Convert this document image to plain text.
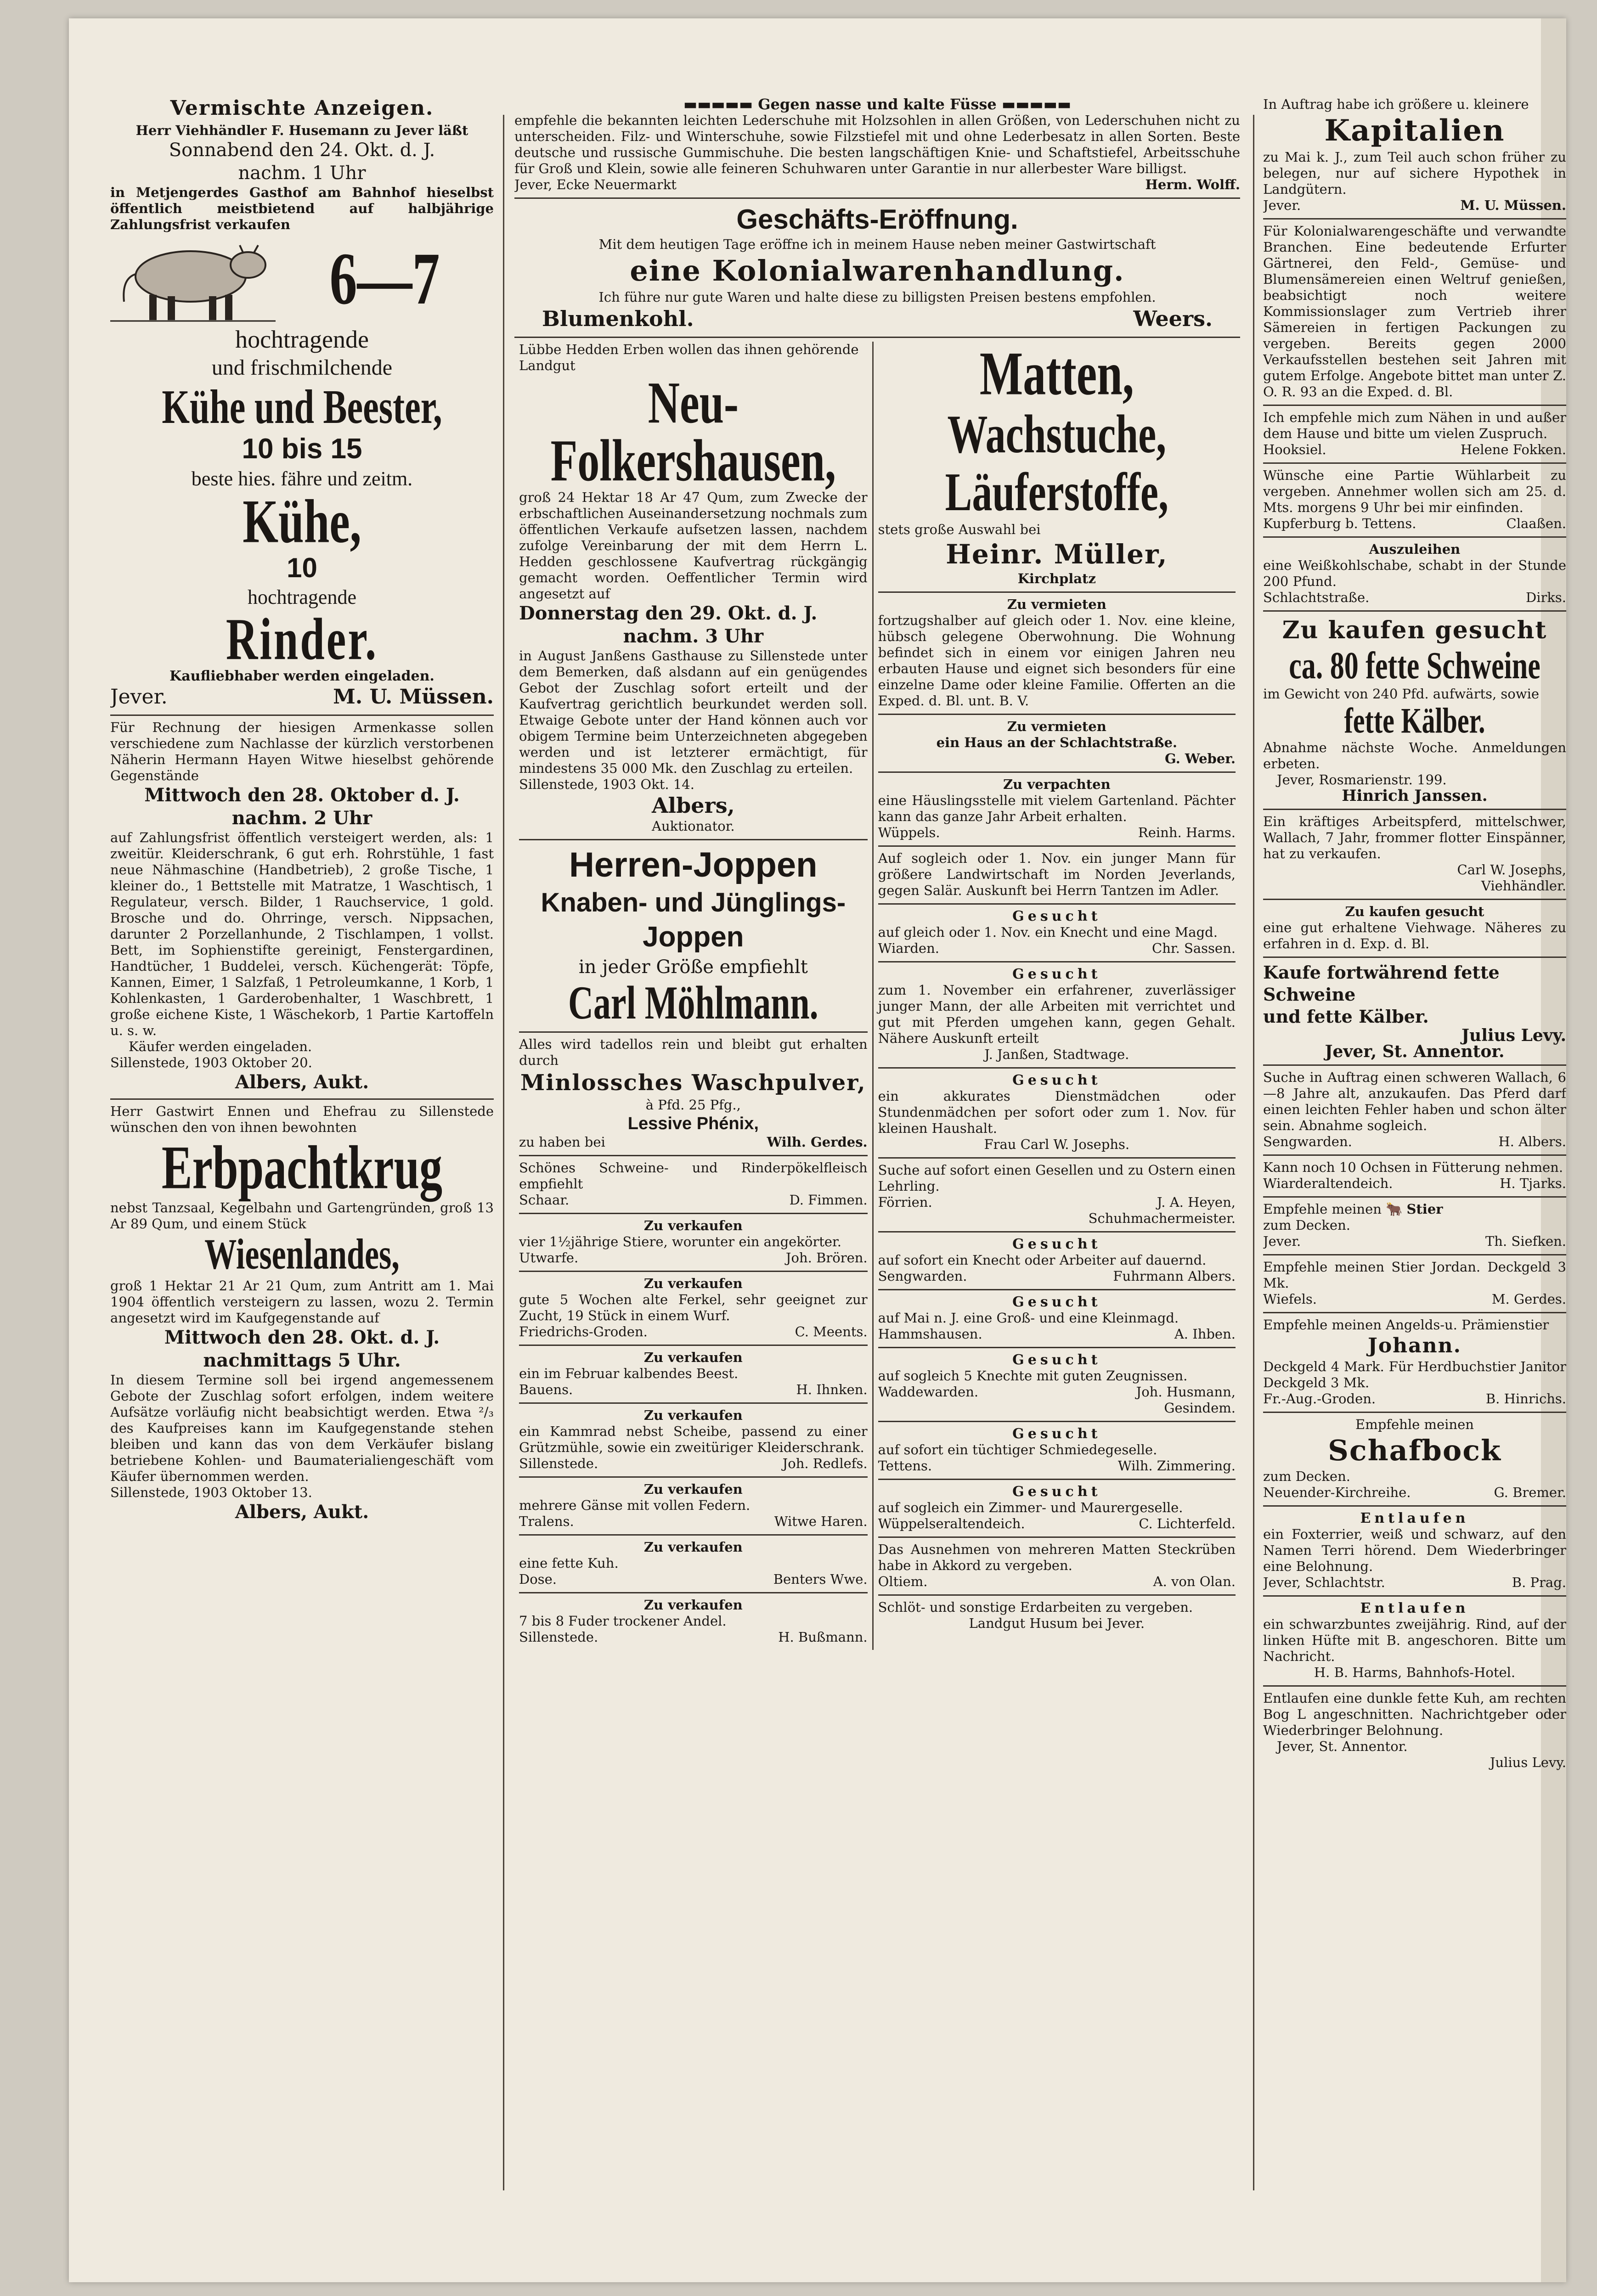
Vermischte Anzeigen.

Herr Viehhändler F. Husemann zu Jever läßt

Sonnabend den 24. Okt. d. J.

nachm. 1 Uhr

in Metjengerdes Gasthof am Bahnhof hieselbst öffentlich meistbietend auf halbjährige Zahlungsfrist verkaufen

6—7

hochtragende

und frischmilchende

Kühe und Beester,

10 bis 15

beste hies. fähre und zeitm.

Kühe,

10

hochtragende

Rinder.

Kaufliebhaber werden eingeladen.

Jever.	M. U. Müssen.

Für Rechnung der hiesigen Armenkasse sollen verschiedene zum Nachlasse der kürzlich verstorbenen Näherin Hermann Hayen Witwe hieselbst gehörende Gegenstände

Mittwoch den 28. Oktober d. J.

nachm. 2 Uhr

auf Zahlungsfrist öffentlich versteigert werden, als: 1 zweitür. Kleiderschrank, 6 gut erh. Rohrstühle, 1 fast neue Nähmaschine (Handbetrieb), 2 große Tische, 1 kleiner do., 1 Bettstelle mit Matratze, 1 Waschtisch, 1 Regulateur, versch. Bilder, 1 Rauchservice, 1 gold. Brosche und do. Ohrringe, versch. Nippsachen, darunter 2 Porzellanhunde, 2 Tischlampen, 1 vollst. Bett, im Sophienstifte gereinigt, Fenstergardinen, Handtücher, 1 Buddelei, versch. Küchengerät: Töpfe, Kannen, Eimer, 1 Salzfaß, 1 Petroleumkanne, 1 Korb, 1 Kohlenkasten, 1 Garderobenhalter, 1 Waschbrett, 1 große eichene Kiste, 1 Wäschekorb, 1 Partie Kartoffeln u. s. w.

Käufer werden eingeladen.

Sillenstede, 1903 Oktober 20.

Albers, Aukt.

Herr Gastwirt Ennen und Ehefrau zu Sillenstede wünschen den von ihnen bewohnten

Erbpachtkrug

nebst Tanzsaal, Kegelbahn und Gartengründen, groß 13 Ar 89 Qum, und einem Stück

Wiesenlandes,

groß 1 Hektar 21 Ar 21 Qum, zum Antritt am 1. Mai 1904 öffentlich versteigern zu lassen, wozu 2. Termin angesetzt wird im Kaufgegenstande auf

Mittwoch den 28. Okt. d. J.

nachmittags 5 Uhr.

In diesem Termine soll bei irgend angemessenem Gebote der Zuschlag sofort erfolgen, indem weitere Aufsätze vorläufig nicht beabsichtigt werden. Etwa ²/₃ des Kaufpreises kann im Kaufgegenstande stehen bleiben und kann das von dem Verkäufer bislang betriebene Kohlen- und Baumaterialiengeschäft vom Käufer übernommen werden.

Sillenstede, 1903 Oktober 13.

Albers, Aukt.

▬▬▬▬▬ Gegen nasse und kalte Füsse ▬▬▬▬▬

empfehle die bekannten leichten Lederschuhe mit Holzsohlen in allen Größen, von Lederschuhen nicht zu unterscheiden. Filz- und Winterschuhe, sowie Filzstiefel mit und ohne Lederbesatz in allen Sorten. Beste deutsche und russische Gummischuhe. Die besten langschäftigen Knie- und Schaftstiefel, Arbeitsschuhe für Groß und Klein, sowie alle feineren Schuhwaren unter Garantie in nur allerbester Ware billigst.

Jever, Ecke Neuermarkt	Herm. Wolff.

Geschäfts-Eröffnung.

Mit dem heutigen Tage eröffne ich in meinem Hause neben meiner Gastwirtschaft

eine Kolonialwarenhandlung.

Ich führe nur gute Waren und halte diese zu billigsten Preisen bestens empfohlen.

Blumenkohl.	Weers.

Lübbe Hedden Erben wollen das ihnen gehörende Landgut

Neu-

Folkershausen,

groß 24 Hektar 18 Ar 47 Qum, zum Zwecke der erbschaftlichen Auseinandersetzung nochmals zum öffentlichen Verkaufe aufsetzen lassen, nachdem zufolge Vereinbarung der mit dem Herrn L. Hedden geschlossene Kaufvertrag rückgängig gemacht worden. Oeffentlicher Termin wird angesetzt auf

Donnerstag den 29. Okt. d. J.

nachm. 3 Uhr

in August Janßens Gasthause zu Sillenstede unter dem Bemerken, daß alsdann auf ein genügendes Gebot der Zuschlag sofort erteilt und der Kaufvertrag gerichtlich beurkundet werden soll. Etwaige Gebote unter der Hand können auch vor obigem Termine beim Unterzeichneten abgegeben werden und ist letzterer ermächtigt, für mindestens 35 000 Mk. den Zuschlag zu erteilen.

Sillenstede, 1903 Okt. 14.

Albers,

Auktionator.

Herren-Joppen

Knaben- und Jünglings-

Joppen

in jeder Größe empfiehlt

Carl Möhlmann.

Alles wird tadellos rein und bleibt gut erhalten durch

Minlossches Waschpulver,

à Pfd. 25 Pfg.,

Lessive Phénix,

zu haben bei	Wilh. Gerdes.

Schönes Schweine- und Rinderpökelfleisch empfiehlt

Schaar.	D. Fimmen.

Zu verkaufen

vier 1½jährige Stiere, worunter ein angekörter.

Utwarfe.	Joh. Brören.

Zu verkaufen

gute 5 Wochen alte Ferkel, sehr geeignet zur Zucht, 19 Stück in einem Wurf.

Friedrichs-Groden.	C. Meents.

Zu verkaufen

ein im Februar kalbendes Beest.

Bauens.	H. Ihnken.

Zu verkaufen

ein Kammrad nebst Scheibe, passend zu einer Grützmühle, sowie ein zweitüriger Kleiderschrank.

Sillenstede.	Joh. Redlefs.

Zu verkaufen

mehrere Gänse mit vollen Federn.

Tralens.	Witwe Haren.

Zu verkaufen

eine fette Kuh.

Dose.	Benters Wwe.

Zu verkaufen

7 bis 8 Fuder trockener Andel.

Sillenstede.	H. Bußmann.

Matten,

Wachstuche,

Läuferstoffe,

stets große Auswahl bei

Heinr. Müller,

Kirchplatz

Zu vermieten

fortzugshalber auf gleich oder 1. Nov. eine kleine, hübsch gelegene Oberwohnung. Die Wohnung befindet sich in einem vor einigen Jahren neu erbauten Hause und eignet sich besonders für eine einzelne Dame oder kleine Familie. Offerten an die Exped. d. Bl. unt. B. V.

Zu vermieten

ein Haus an der Schlachtstraße.

G. Weber.

Zu verpachten

eine Häuslingsstelle mit vielem Gartenland. Pächter kann das ganze Jahr Arbeit erhalten.

Wüppels.	Reinh. Harms.

Auf sogleich oder 1. Nov. ein junger Mann für größere Landwirtschaft im Norden Jeverlands, gegen Salär. Auskunft bei Herrn Tantzen im Adler.

Gesucht

auf gleich oder 1. Nov. ein Knecht und eine Magd.

Wiarden.	Chr. Sassen.

Gesucht

zum 1. November ein erfahrener, zuverlässiger junger Mann, der alle Arbeiten mit verrichtet und gut mit Pferden umgehen kann, gegen Gehalt. Nähere Auskunft erteilt

J. Janßen, Stadtwage.

Gesucht

ein akkurates Dienstmädchen oder Stundenmädchen per sofort oder zum 1. Nov. für kleinen Haushalt.

Frau Carl W. Josephs.

Suche auf sofort einen Gesellen und zu Ostern einen Lehrling.

Förrien.	J. A. Heyen,

Schuhmachermeister.

Gesucht

auf sofort ein Knecht oder Arbeiter auf dauernd.

Sengwarden.	Fuhrmann Albers.

Gesucht

auf Mai n. J. eine Groß- und eine Kleinmagd.

Hammshausen.	A. Ihben.

Gesucht

auf sogleich 5 Knechte mit guten Zeugnissen.

Waddewarden.	Joh. Husmann,

Gesindem.

Gesucht

auf sofort ein tüchtiger Schmiedegeselle.

Tettens.	Wilh. Zimmering.

Gesucht

auf sogleich ein Zimmer- und Maurergeselle.

Wüppelseraltendeich.	C. Lichterfeld.

Das Ausnehmen von mehreren Matten Steckrüben habe in Akkord zu vergeben.

Oltiem.	A. von Olan.

Schlöt- und sonstige Erdarbeiten zu vergeben.

Landgut Husum bei Jever.

In Auftrag habe ich größere u. kleinere

Kapitalien

zu Mai k. J., zum Teil auch schon früher zu belegen, nur auf sichere Hypothek in Landgütern.

Jever.	M. U. Müssen.

Für Kolonialwarengeschäfte und verwandte Branchen. Eine bedeutende Erfurter Gärtnerei, den Feld-, Gemüse- und Blumensämereien einen Weltruf genießen, beabsichtigt noch weitere Kommissionslager zum Vertrieb ihrer Sämereien in fertigen Packungen zu vergeben. Bereits gegen 2000 Verkaufsstellen bestehen seit Jahren mit gutem Erfolge. Angebote bittet man unter Z. O. R. 93 an die Exped. d. Bl.

Ich empfehle mich zum Nähen in und außer dem Hause und bitte um vielen Zuspruch.

Hooksiel.	Helene Fokken.

Wünsche eine Partie Wühlarbeit zu vergeben. Annehmer wollen sich am 25. d. Mts. morgens 9 Uhr bei mir einfinden.

Kupferburg b. Tettens.	Claaßen.

Auszuleihen

eine Weißkohlschabe, schabt in der Stunde 200 Pfund.

Schlachtstraße.	Dirks.

Zu kaufen gesucht

ca. 80 fette Schweine

im Gewicht von 240 Pfd. aufwärts, sowie

fette Kälber.

Abnahme nächste Woche. Anmeldungen erbeten.

Jever, Rosmarienstr. 199.

Hinrich Janssen.

Ein kräftiges Arbeitspferd, mittelschwer, Wallach, 7 Jahr, frommer flotter Einspänner, hat zu verkaufen.

Carl W. Josephs,

Viehhändler.

Zu kaufen gesucht

eine gut erhaltene Viehwage. Näheres zu erfahren in d. Exp. d. Bl.

Kaufe fortwährend fette Schweine

und fette Kälber.

Julius Levy.

Jever, St. Annentor.

Suche in Auftrag einen schweren Wallach, 6—8 Jahre alt, anzukaufen. Das Pferd darf einen leichten Fehler haben und schon älter sein. Abnahme sogleich.

Sengwarden.	H. Albers.

Kann noch 10 Ochsen in Fütterung nehmen.

Wiarderaltendeich.	H. Tjarks.

Empfehle meinen 🐂 Stier

zum Decken.

Jever.	Th. Siefken.

Empfehle meinen Stier Jordan. Deckgeld 3 Mk.

Wiefels.	M. Gerdes.

Empfehle meinen Angelds-u. Prämienstier

Johann.

Deckgeld 4 Mark. Für Herdbuchstier Janitor Deckgeld 3 Mk.

Fr.-Aug.-Groden.	B. Hinrichs.

Empfehle meinen

Schafbock

zum Decken.

Neuender-Kirchreihe.	G. Bremer.

Entlaufen

ein Foxterrier, weiß und schwarz, auf den Namen Terri hörend. Dem Wiederbringer eine Belohnung.

Jever, Schlachtstr.	B. Prag.

Entlaufen

ein schwarzbuntes zweijährig. Rind, auf der linken Hüfte mit B. angeschoren. Bitte um Nachricht.

H. B. Harms, Bahnhofs-Hotel.

Entlaufen eine dunkle fette Kuh, am rechten Bog L angeschnitten. Nachrichtgeber oder Wiederbringer Belohnung.

Jever, St. Annentor.

Julius Levy.
